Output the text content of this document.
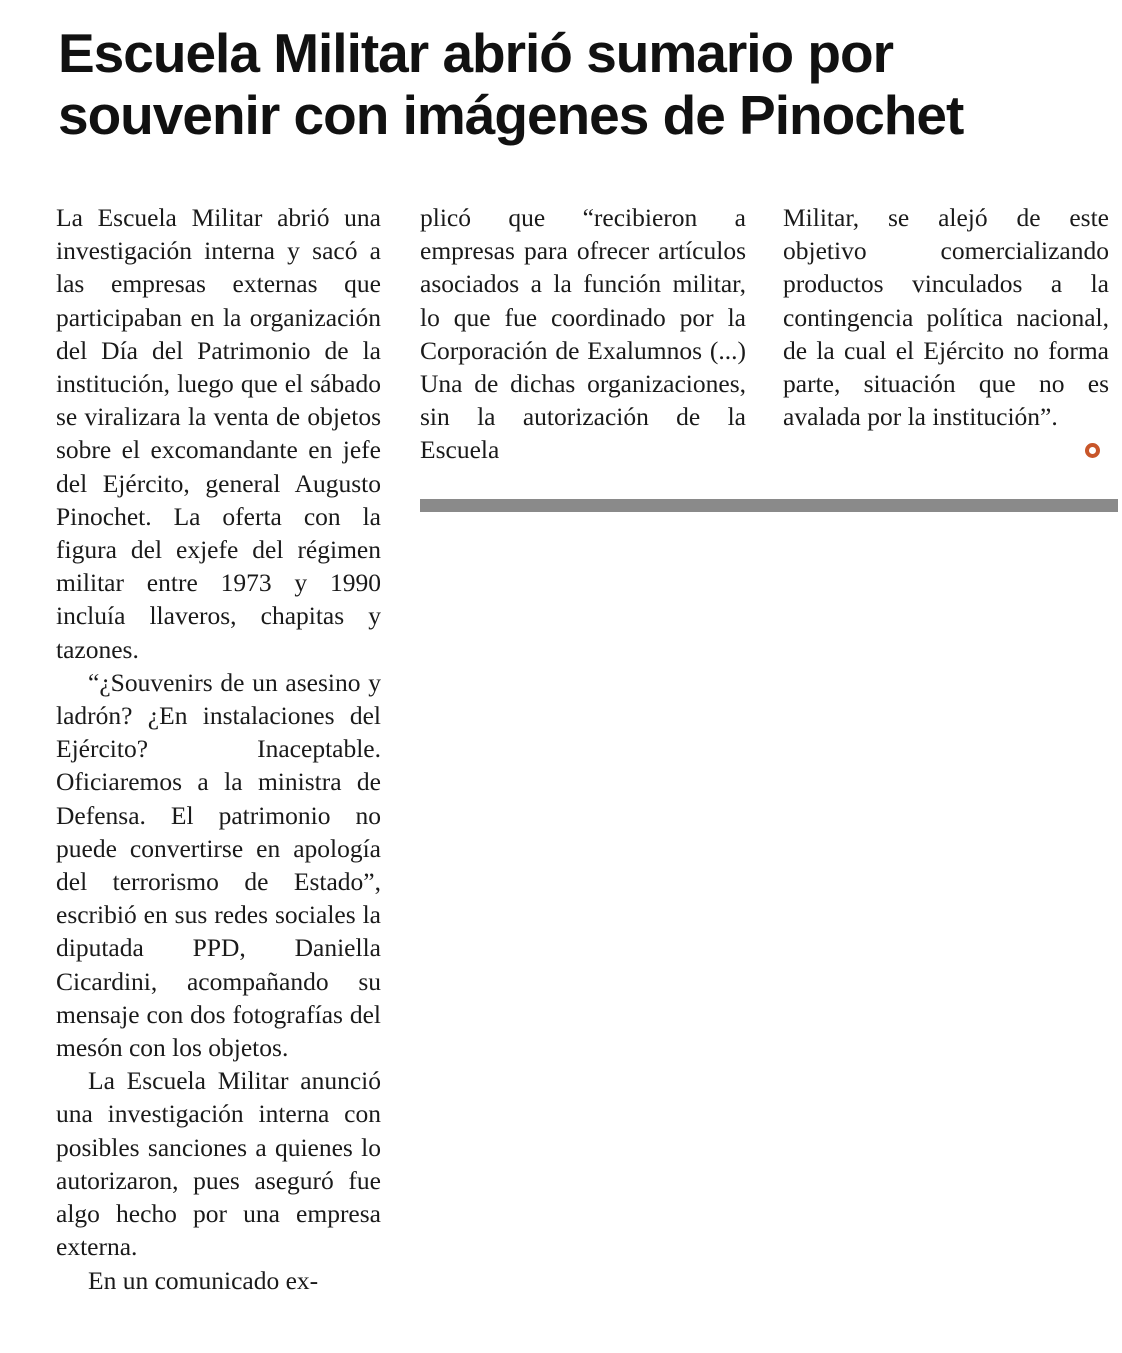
Escuela Militar abrió sumario por souvenir con imágenes de Pinochet

La Escuela Militar abrió una investigación interna y sacó a las empresas externas que participaban en la organización del Día del Patrimonio de la institución, luego que el sábado se viralizara la venta de objetos sobre el excomandante en jefe del Ejército, general Augusto Pinochet. La oferta con la figura del exjefe del régimen militar entre 1973 y 1990 incluía llaveros, chapitas y tazones.

“¿Souvenirs de un asesino y ladrón? ¿En instalaciones del Ejército? Inaceptable. Oficiaremos a la ministra de Defensa. El patrimonio no puede convertirse en apología del terrorismo de Estado”, escribió en sus redes sociales la diputada PPD, Daniella Cicardini, acompañando su mensaje con dos fotografías del mesón con los objetos.

La Escuela Militar anunció una investigación interna con posibles sanciones a quienes lo autorizaron, pues aseguró fue algo hecho por una empresa externa.

En un comunicado ex-

plicó que “recibieron a empresas para ofrecer artículos asociados a la función militar, lo que fue coordinado por la Corporación de Exalumnos (...) Una de dichas organizaciones, sin la autorización de la Escuela

Militar, se alejó de este objetivo comercializando productos vinculados a la contingencia política nacional, de la cual el Ejército no forma parte, situación que no es avalada por la institución”.
